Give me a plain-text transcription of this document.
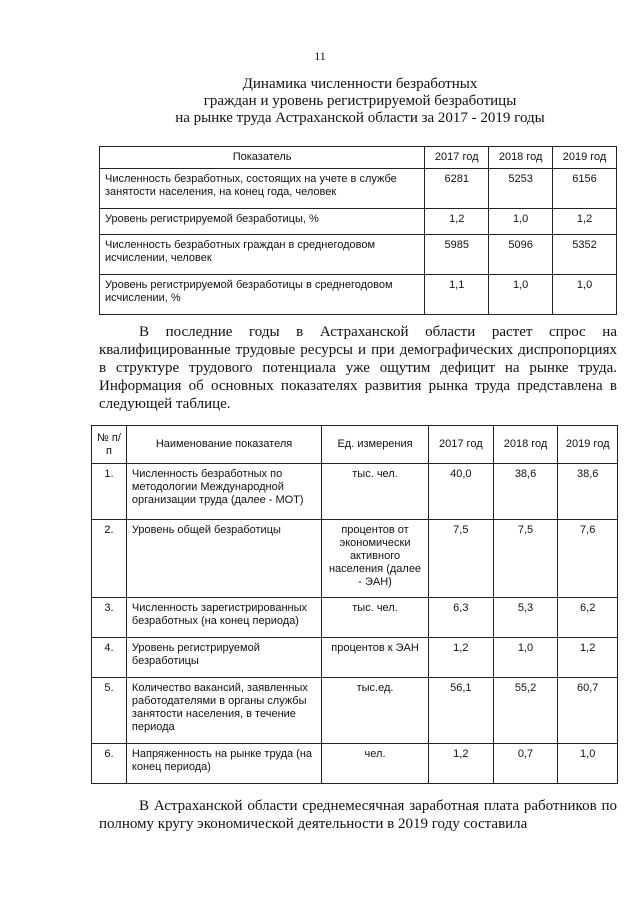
11
Динамика численности безработных
граждан и уровень регистрируемой безработицы
на рынке труда Астраханской области за 2017 - 2019 годы
Показатель	2017 год	2018 год	2019 год
Численность безработных, состоящих на учете в службе занятости населения, на конец года, человек	6281	5253	6156
Уровень регистрируемой безработицы, %	1,2	1,0	1,2
Численность безработных граждан в среднегодовом исчислении, человек	5985	5096	5352
Уровень регистрируемой безработицы в среднегодовом исчислении, %	1,1	1,0	1,0
В последние годы в Астраханской области растет спрос на квалифицированные трудовые ресурсы и при демографических диспропорциях в структуре трудового потенциала уже ощутим дефицит на рынке труда. Информация об основных показателях развития рынка труда представлена в следующей таблице.
№ п/п	Наименование показателя	Ед. измерения	2017 год	2018 год	2019 год
1.	Численность безработных по методологии Международной организации труда (далее - МОТ)	тыс. чел.	40,0	38,6	38,6
2.	Уровень общей безработицы	процентов от экономически активного населения (далее - ЭАН)	7,5	7,5	7,6
3.	Численность зарегистрированных безработных (на конец периода)	тыс. чел.	6,3	5,3	6,2
4.	Уровень регистрируемой безработицы	процентов к ЭАН	1,2	1,0	1,2
5.	Количество вакансий, заявленных работодателями в органы службы занятости населения, в течение периода	тыс.ед.	56,1	55,2	60,7
6.	Напряженность на рынке труда (на конец периода)	чел.	1,2	0,7	1,0
В Астраханской области среднемесячная заработная плата работников по полному кругу экономической деятельности в 2019 году составила
